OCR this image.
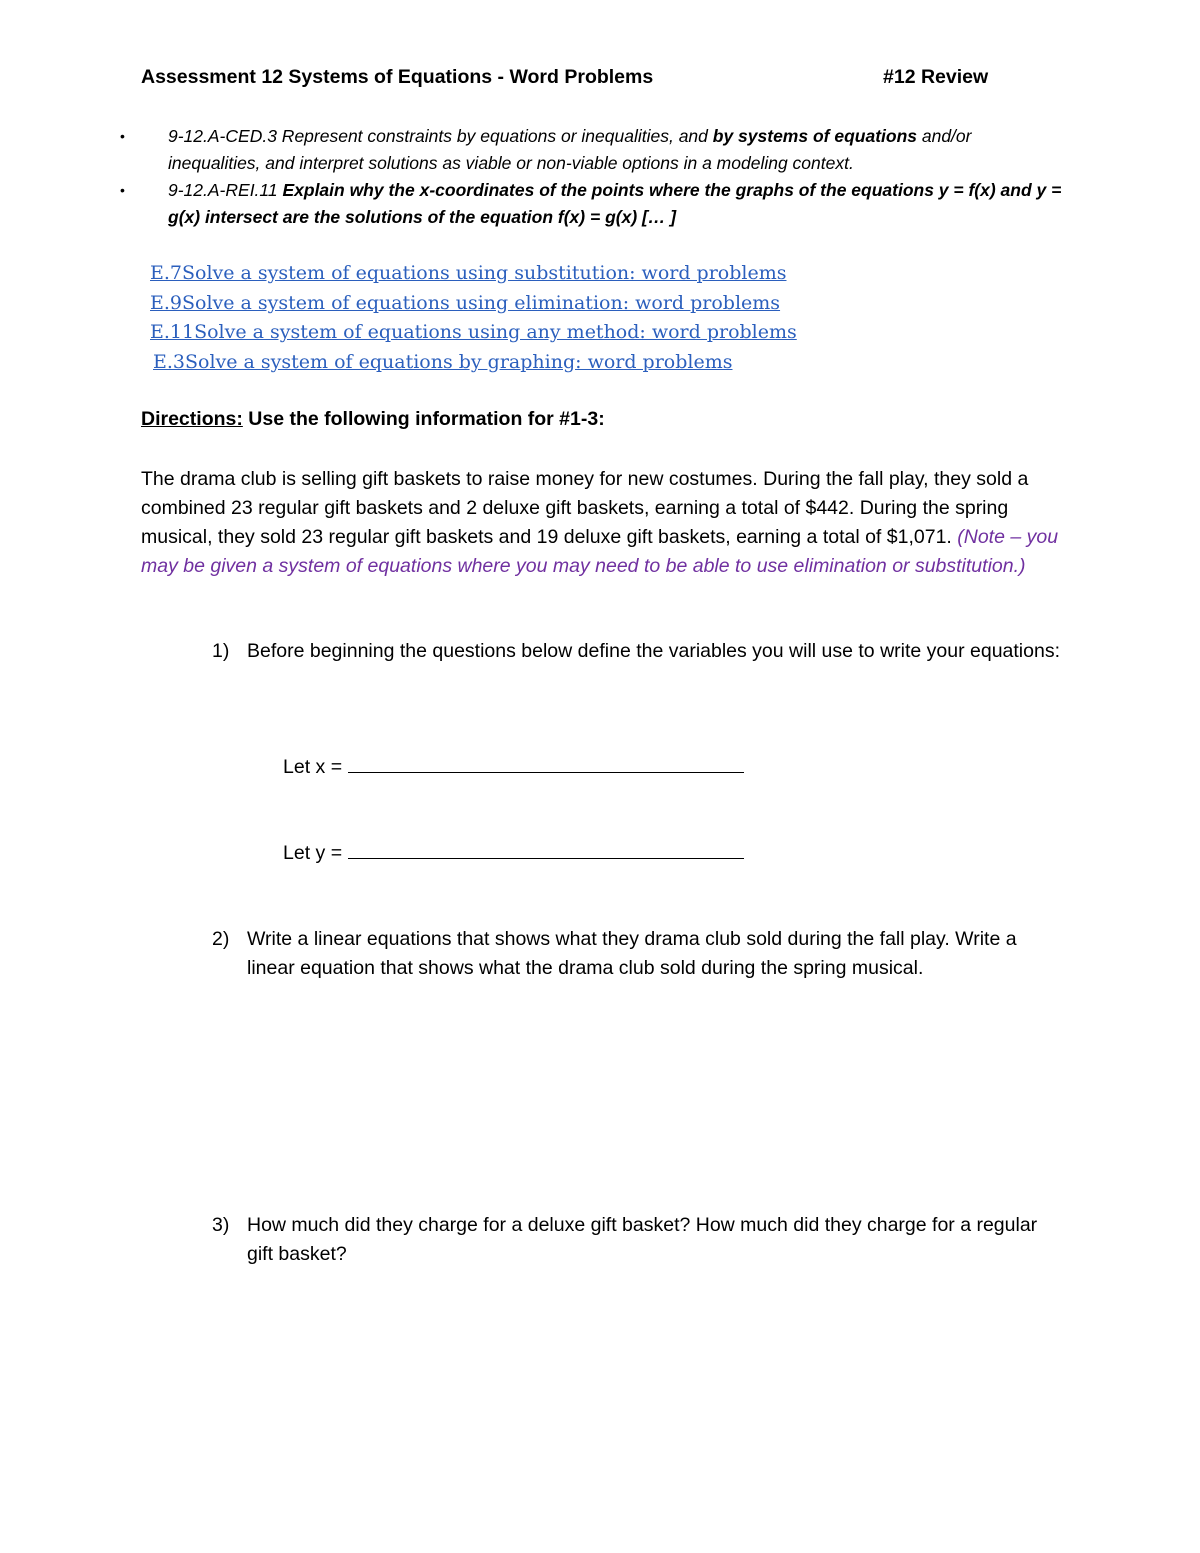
Assessment 12 Systems of Equations - Word Problems	#12 Review
• 9-12.A-CED.3 Represent constraints by equations or inequalities, and by systems of equations and/or inequalities, and interpret solutions as viable or non-viable options in a modeling context.
• 9-12.A-REI.11 Explain why the x-coordinates of the points where the graphs of the equations y = f(x) and y = g(x) intersect are the solutions of the equation f(x) = g(x) [… ]
E.7Solve a system of equations using substitution: word problems
E.9Solve a system of equations using elimination: word problems
E.11Solve a system of equations using any method: word problems
E.3Solve a system of equations by graphing: word problems
Directions: Use the following information for #1-3:
The drama club is selling gift baskets to raise money for new costumes. During the fall play, they sold a combined 23 regular gift baskets and 2 deluxe gift baskets, earning a total of $442. During the spring musical, they sold 23 regular gift baskets and 19 deluxe gift baskets, earning a total of $1,071. (Note – you may be given a system of equations where you may need to be able to use elimination or substitution.)
1) Before beginning the questions below define the variables you will use to write your equations:
Let x =
Let y =
2) Write a linear equations that shows what they drama club sold during the fall play. Write a linear equation that shows what the drama club sold during the spring musical.
3) How much did they charge for a deluxe gift basket? How much did they charge for a regular gift basket?
